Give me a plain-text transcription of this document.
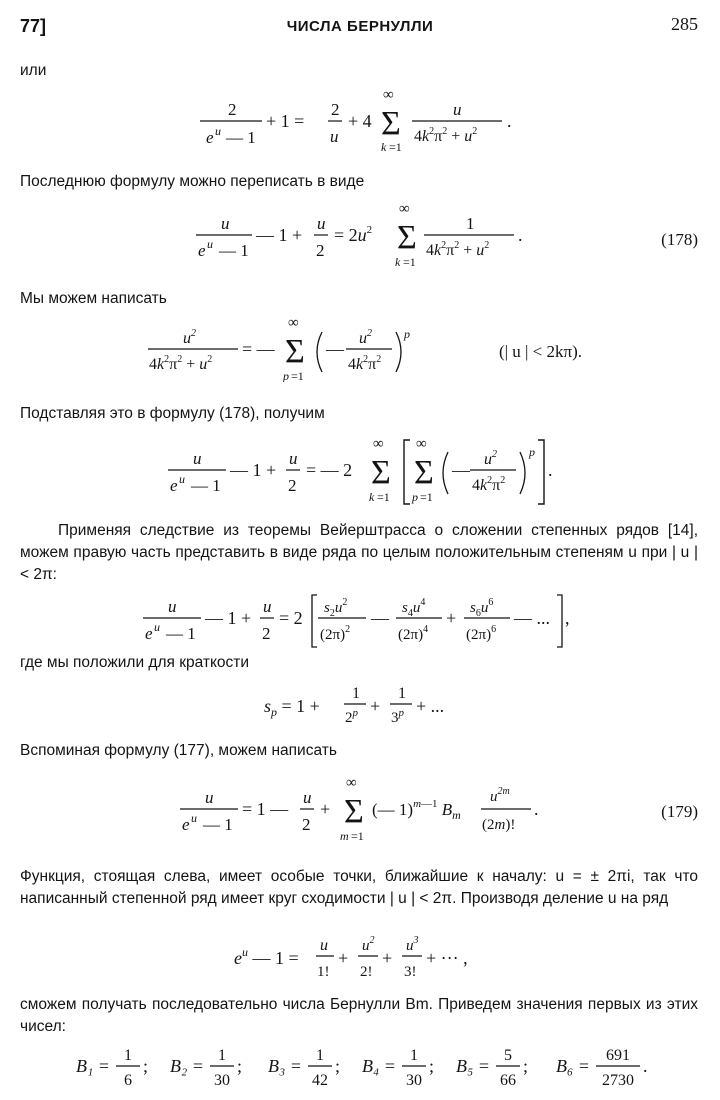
77]	ЧИСЛА БЕРНУЛЛИ	285
или
2
e u — 1
+ 1 =
2
u
+ 4
∞
Σ
k =1
u
$4k^2\pi^2 + u^2$
.
Последнюю формулу можно переписать в виде
u
e u — 1
— 1 +
u
2
= $2u^2$
∞
Σ
k =1
1
$4k^2\pi^2 + u^2$
.	(178)
Мы можем написать
$u^2$
$4k^2\pi^2 + u^2$
= —
∞
Σ
p =1
—
$u^2$
$4k^2\pi^2$
p
(| u | < 2kπ).
Подставляя это в формулу (178), получим
u
e u — 1
— 1 +
u
2
= — 2
∞
Σ
k =1
∞
Σ
p =1
—
$u^2$
$4k^2\pi^2$
p
.
Применяя следствие из теоремы Вейерштрасса о сложении степенных рядов [14], можем правую часть представить в виде ряда по целым положительным степеням u при | u | < 2π:
u
e u — 1
— 1 +
u
2
= 2 $s_2u^2$
$(2\pi)^2$
— $s_4u^4$
$(2\pi)^4$
+ $s_6u^6$
$(2\pi)^6$
— ... ,
где мы положили для краткости
$s_p = 1$ +
1
$2^p$ +
1
$3^p$ + ...
Вспоминая формулу (177), можем написать
u
e u — 1
= 1 —
u
2
+
∞
Σ
m =1
(— 1)$^m$—1 $B_m$
$u^{2m}$
(2m)!
.	(179)
Функция, стоящая слева, имеет особые точки, ближайшие к началу: u = ± 2πi, так что написанный степенной ряд имеет круг сходимости | u | < 2π. Производя деление u на ряд
$e^u$ — 1 =
u
1!
+
$u^2$
2!
+
$u^3$
3!
+ ··· ,
сможем получать последовательно числа Бернулли Bm. Приведем значения первых из этих чисел:
B₁ =
1
6
; B₂ =
1
30
; B₃ =
1
42
; B₄ =
1
30
; B₅ =
5
66
; B₆ =
691
2730
.
